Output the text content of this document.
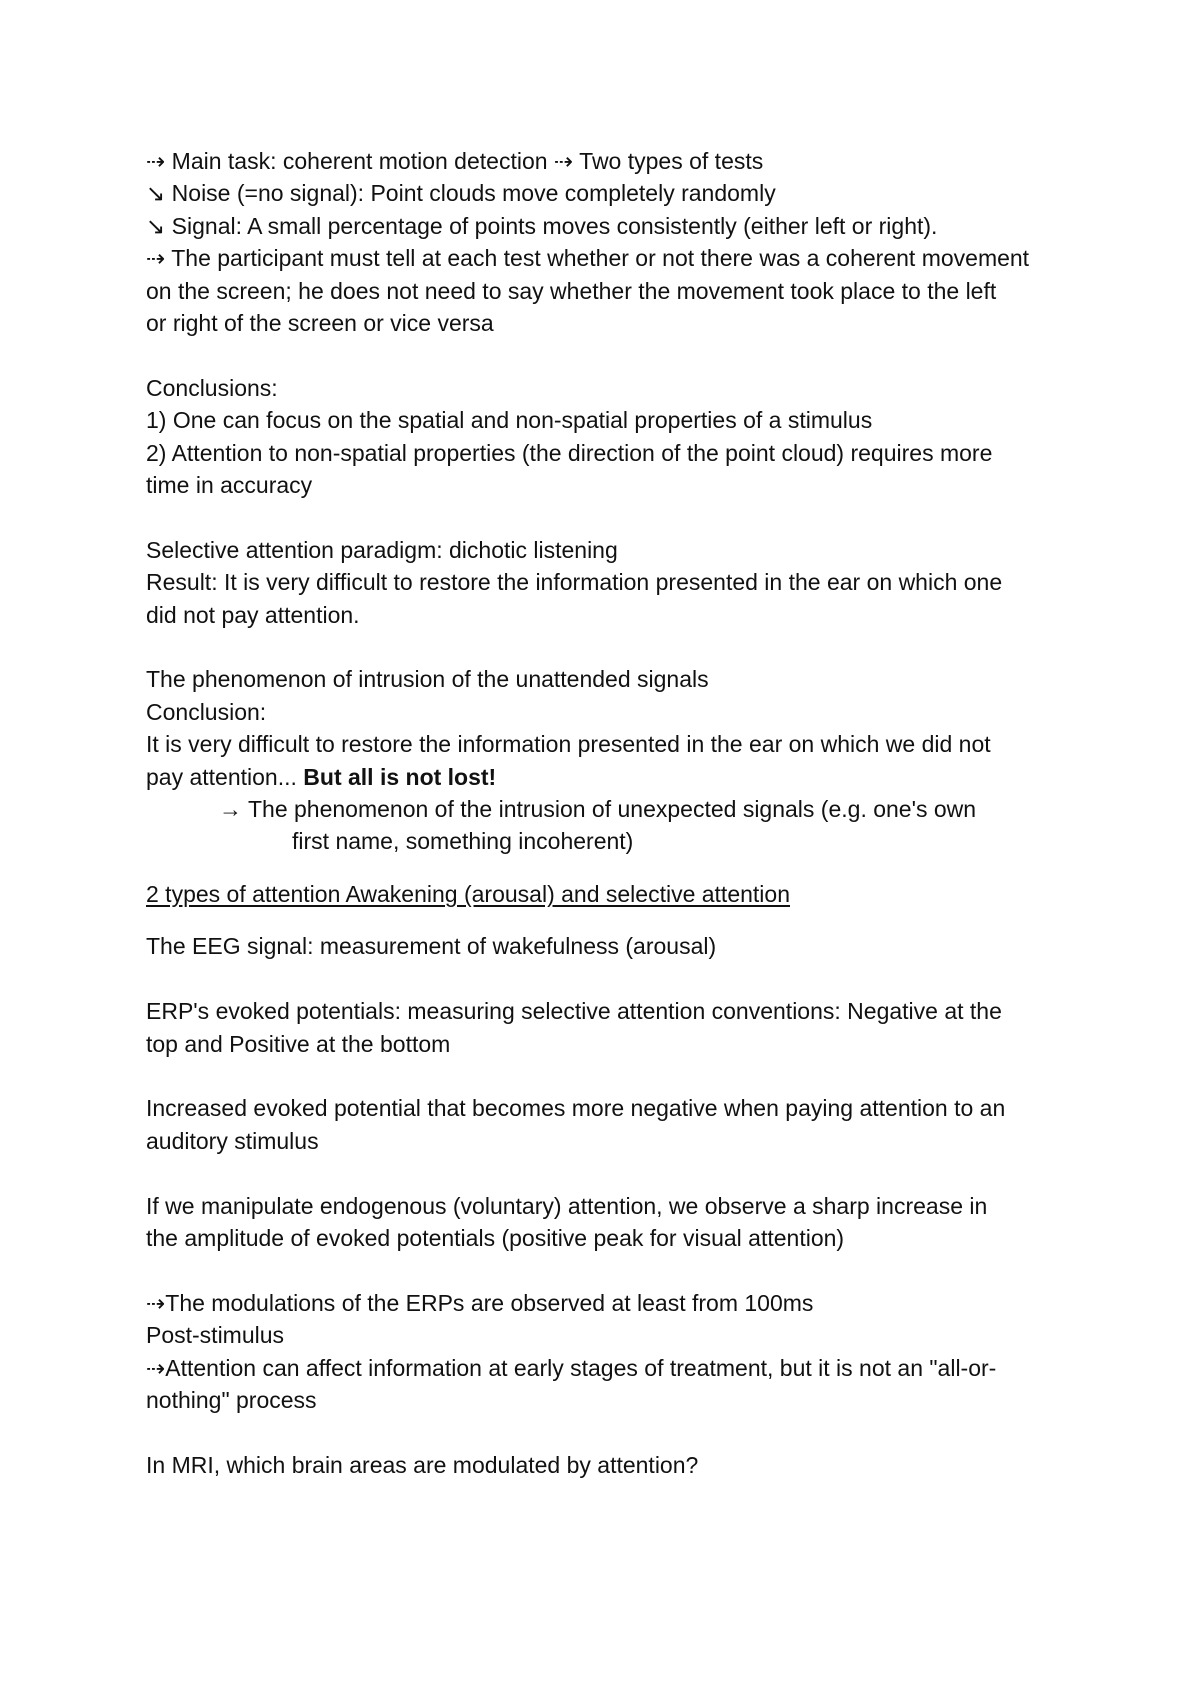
⇢ Main task: coherent motion detection ⇢ Two types of tests
↘ Noise (=no signal): Point clouds move completely randomly
↘ Signal: A small percentage of points moves consistently (either left or right).
⇢ The participant must tell at each test whether or not there was a coherent movement
on the screen; he does not need to say whether the movement took place to the left
or right of the screen or vice versa
Conclusions:
1) One can focus on the spatial and non-spatial properties of a stimulus
2) Attention to non-spatial properties (the direction of the point cloud) requires more
time in accuracy
Selective attention paradigm: dichotic listening
Result: It is very difficult to restore the information presented in the ear on which one
did not pay attention.
The phenomenon of intrusion of the unattended signals
Conclusion:
It is very difficult to restore the information presented in the ear on which we did not
pay attention... But all is not lost!
→ The phenomenon of the intrusion of unexpected signals (e.g. one's own
first name, something incoherent)
2 types of attention Awakening (arousal) and selective attention
The EEG signal: measurement of wakefulness (arousal)
ERP's evoked potentials: measuring selective attention conventions: Negative at the
top and Positive at the bottom
Increased evoked potential that becomes more negative when paying attention to an
auditory stimulus
If we manipulate endogenous (voluntary) attention, we observe a sharp increase in
the amplitude of evoked potentials (positive peak for visual attention)
⇢The modulations of the ERPs are observed at least from 100ms
Post-stimulus
⇢Attention can affect information at early stages of treatment, but it is not an "all-or-
nothing" process
In MRI, which brain areas are modulated by attention?
